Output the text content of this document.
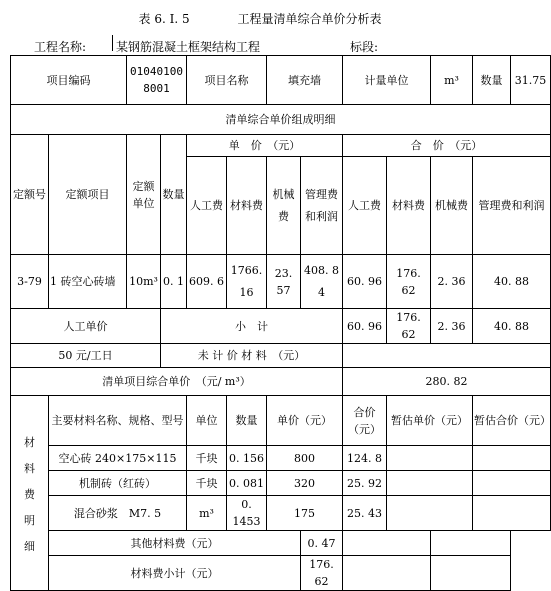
表 6. Ⅰ. 5	工程量清单综合单价分析表
工程名称: 某钢筋混凝土框架结构工程	标段:
项目编码		010401008001		项目名称		填充墙		计量单位		m³	数量	31.75
清单综合单价组成明细												
定额号	定额项目	定额单位	数量	单　价　（元）				合　价　（元）				
				人工费	材料费	机械费	管理费和利润	人工费	材料费	机械费	管理费和利润	
3-79	1 砖空心砖墙	10m³	0. 1	609. 6	1766. 16	23. 57	408. 84	60. 96	176. 62	2. 36	40. 88	
人工单价			小　计					60. 96	176. 62	2. 36	40. 88	
50 元/工日			未 计 价 材 料　（元）									
清单项目综合单价　（元/ m³）								280. 82				

材料费明细	主要材料名称、规格、型号			单位	数量	单价（元）		合价（元）	暂估单价（元）		暂估合价（元）	
	空心砖 240×175×115			千块	0. 156	800		124. 8				
	机制砖（红砖）			千块	0. 081	320		25. 92				
	混合砂浆　M7. 5			m³	0. 1453	175		25. 43				
	其他材料费（元）						0. 47					
	材料费小计（元）						176. 62					
